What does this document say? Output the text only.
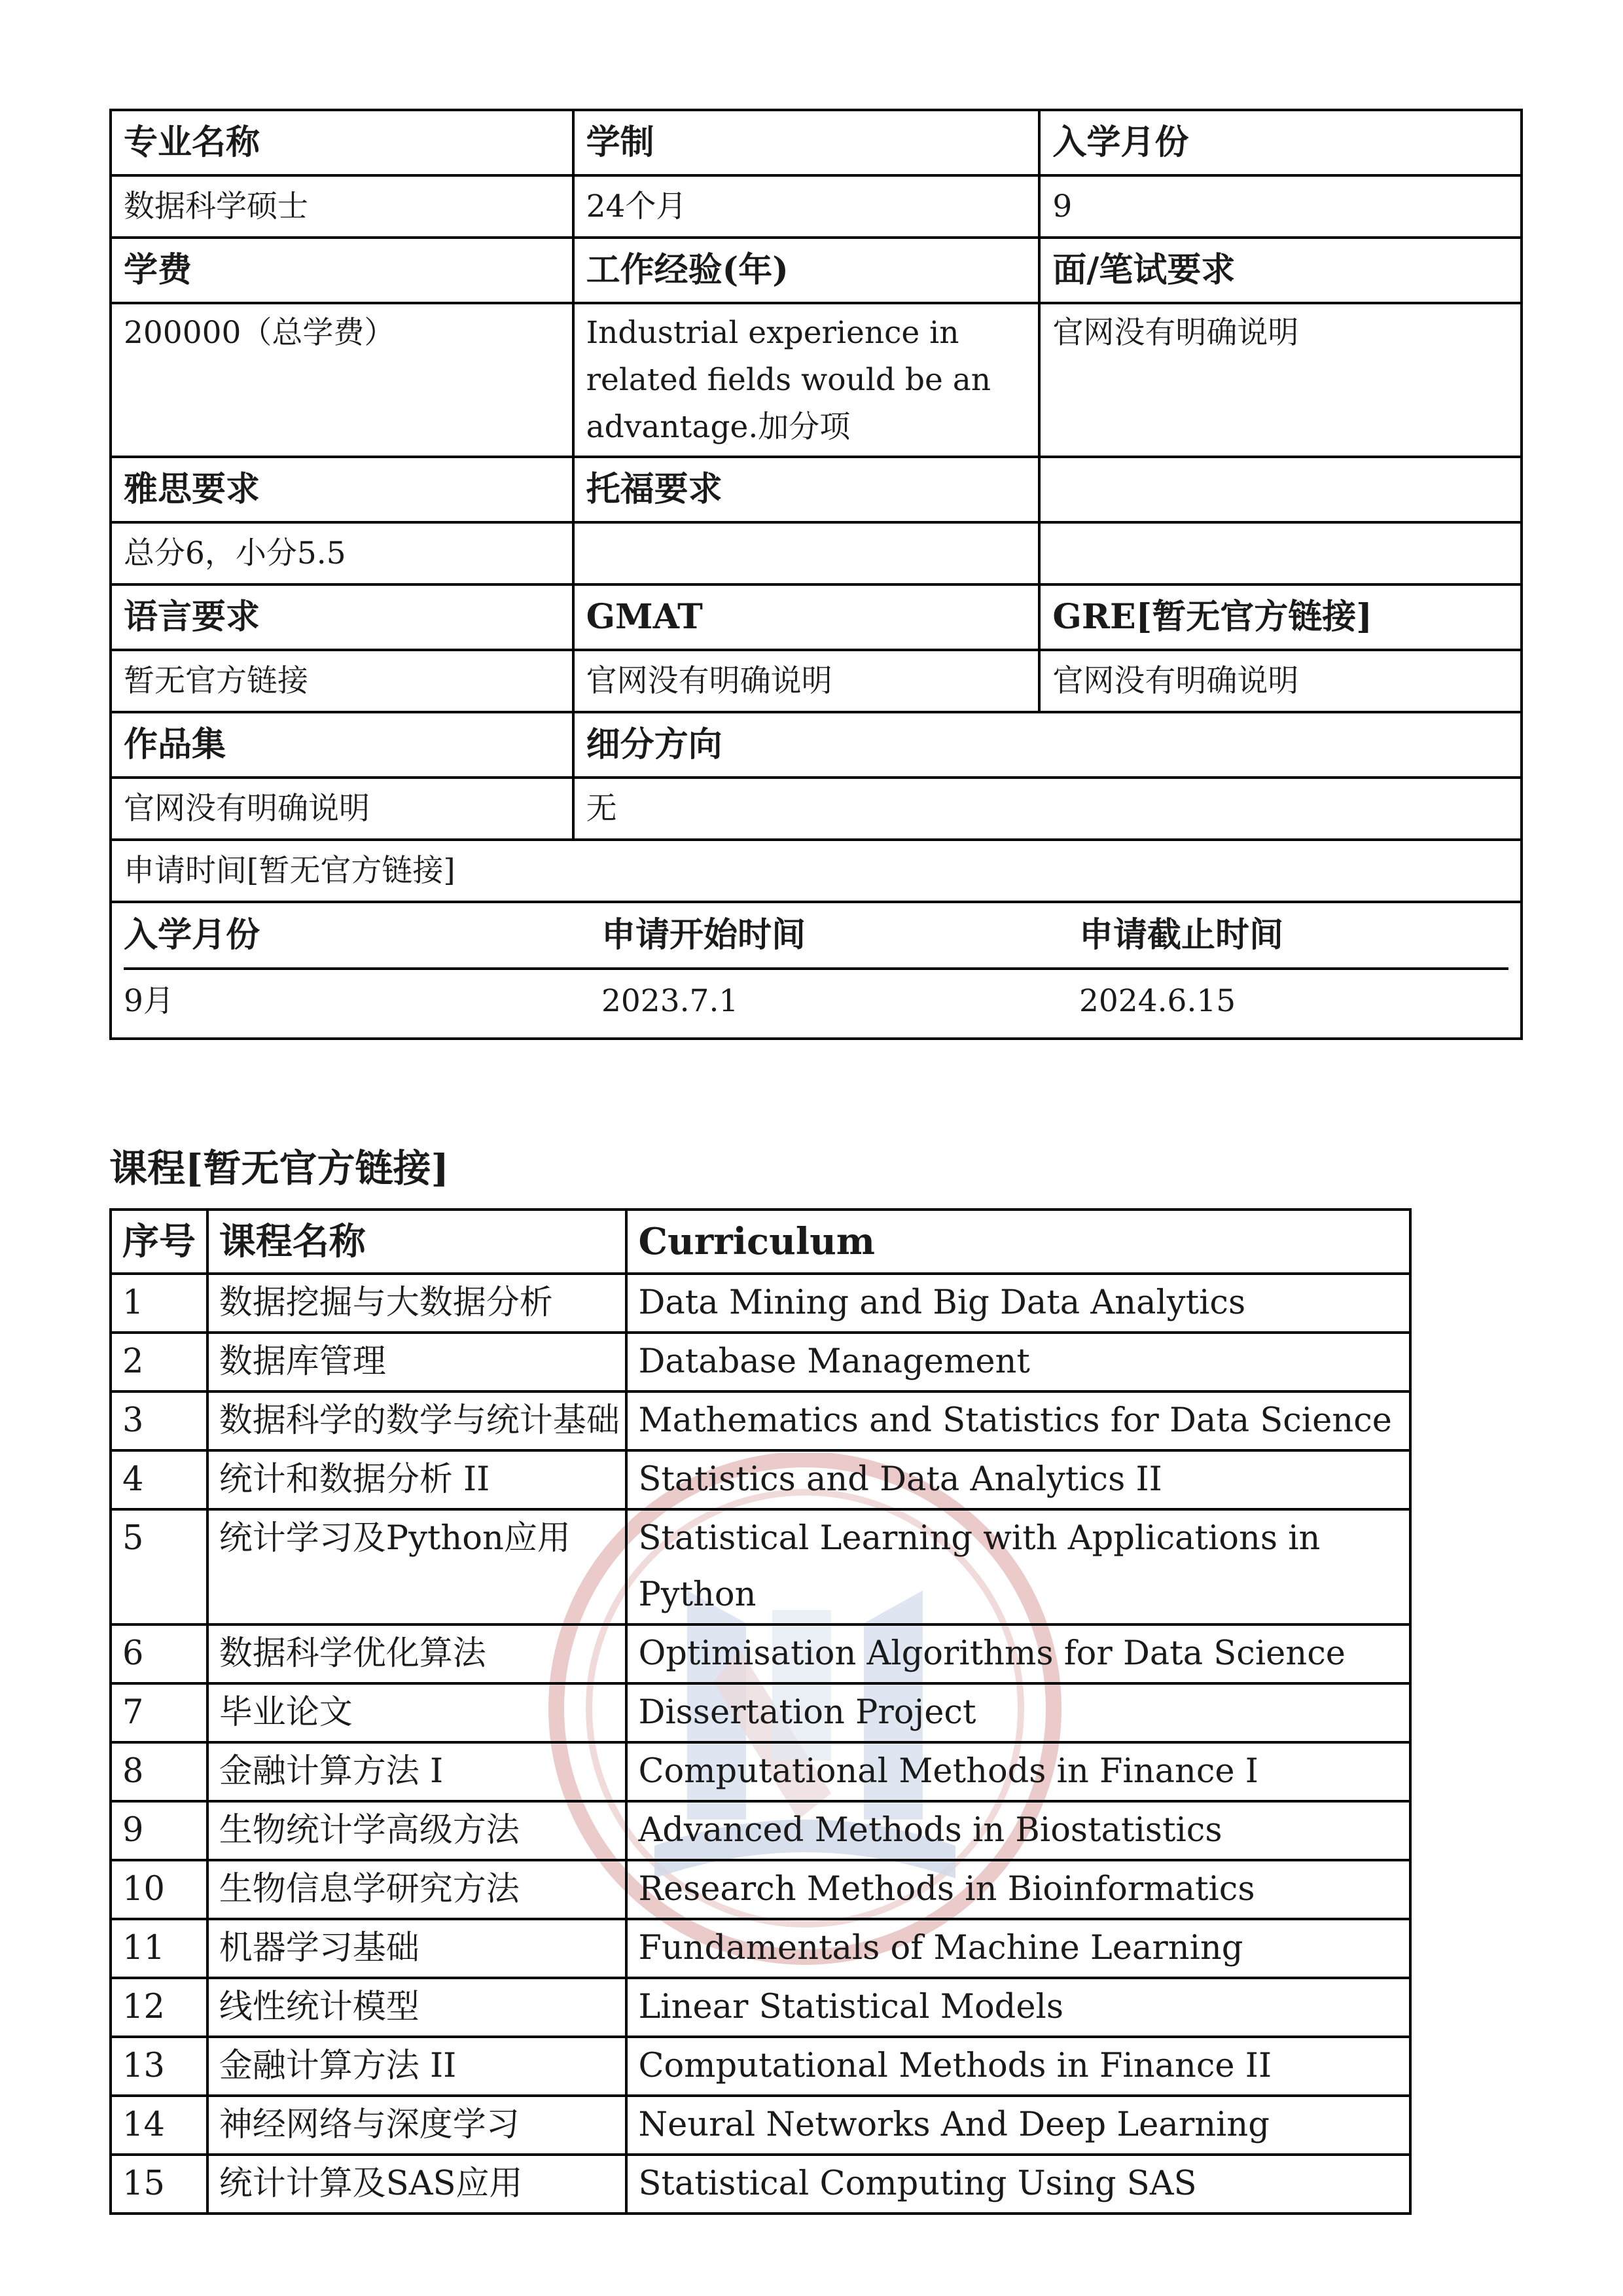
专业名称	学制	入学月份
数据科学硕士	24个月	9
学费	工作经验(年)	面/笔试要求
200000（总学费）	Industrial experience in related fields would be an advantage.加分项	官网没有明确说明
雅思要求	托福要求	
总分6，小分5.5		
语言要求	GMAT	GRE[暂无官方链接]
暂无官方链接	官网没有明确说明	官网没有明确说明
作品集	细分方向
官网没有明确说明	无
申请时间[暂无官方链接]

入学月份	申请开始时间	申请截止时间
9月	2023.7.1	2024.6.15
课程[暂无官方链接]
序号	课程名称	Curriculum
1	数据挖掘与大数据分析	Data Mining and Big Data Analytics
2	数据库管理	Database Management
3	数据科学的数学与统计基础	Mathematics and Statistics for Data Science
4	统计和数据分析 II	Statistics and Data Analytics II
5	统计学习及Python应用	Statistical Learning with Applications in Python
6	数据科学优化算法	Optimisation Algorithms for Data Science
7	毕业论文	Dissertation Project
8	金融计算方法 I	Computational Methods in Finance I
9	生物统计学高级方法	Advanced Methods in Biostatistics
10	生物信息学研究方法	Research Methods in Bioinformatics
11	机器学习基础	Fundamentals of Machine Learning
12	线性统计模型	Linear Statistical Models
13	金融计算方法 II	Computational Methods in Finance II
14	神经网络与深度学习	Neural Networks And Deep Learning
15	统计计算及SAS应用	Statistical Computing Using SAS
